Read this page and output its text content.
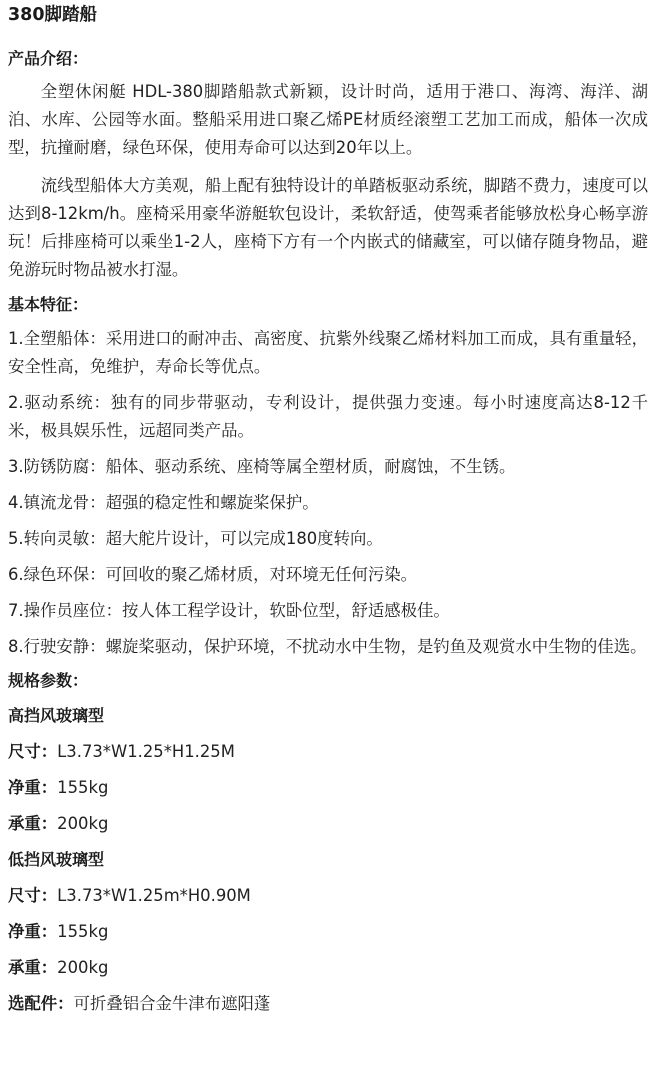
380脚踏船
产品介绍：
全塑休闲艇 HDL-380脚踏船款式新颖，设计时尚，适用于港口、海湾、海洋、湖泊、水库、公园等水面。整船采用进口聚乙烯PE材质经滚塑工艺加工而成，船体一次成型，抗撞耐磨，绿色环保，使用寿命可以达到20年以上。
流线型船体大方美观，船上配有独特设计的单踏板驱动系统，脚踏不费力，速度可以达到8-12km/h。座椅采用豪华游艇软包设计，柔软舒适，使驾乘者能够放松身心畅享游玩！后排座椅可以乘坐1-2人，座椅下方有一个内嵌式的储藏室，可以储存随身物品，避免游玩时物品被水打湿。
基本特征：
1.全塑船体：采用进口的耐冲击、高密度、抗紫外线聚乙烯材料加工而成，具有重量轻，安全性高，免维护，寿命长等优点。
2.驱动系统：独有的同步带驱动，专利设计，提供强力变速。每小时速度高达8-12千米，极具娱乐性，远超同类产品。
3.防锈防腐：船体、驱动系统、座椅等属全塑材质，耐腐蚀，不生锈。
4.镇流龙骨：超强的稳定性和螺旋桨保护。
5.转向灵敏：超大舵片设计，可以完成180度转向。
6.绿色环保：可回收的聚乙烯材质，对环境无任何污染。
7.操作员座位：按人体工程学设计，软卧位型，舒适感极佳。
8.行驶安静：螺旋桨驱动，保护环境，不扰动水中生物，是钓鱼及观赏水中生物的佳选。
规格参数：
高挡风玻璃型
尺寸：L3.73*W1.25*H1.25M
净重：155kg
承重：200kg
低挡风玻璃型
尺寸：L3.73*W1.25m*H0.90M
净重：155kg
承重：200kg
选配件：可折叠铝合金牛津布遮阳蓬
